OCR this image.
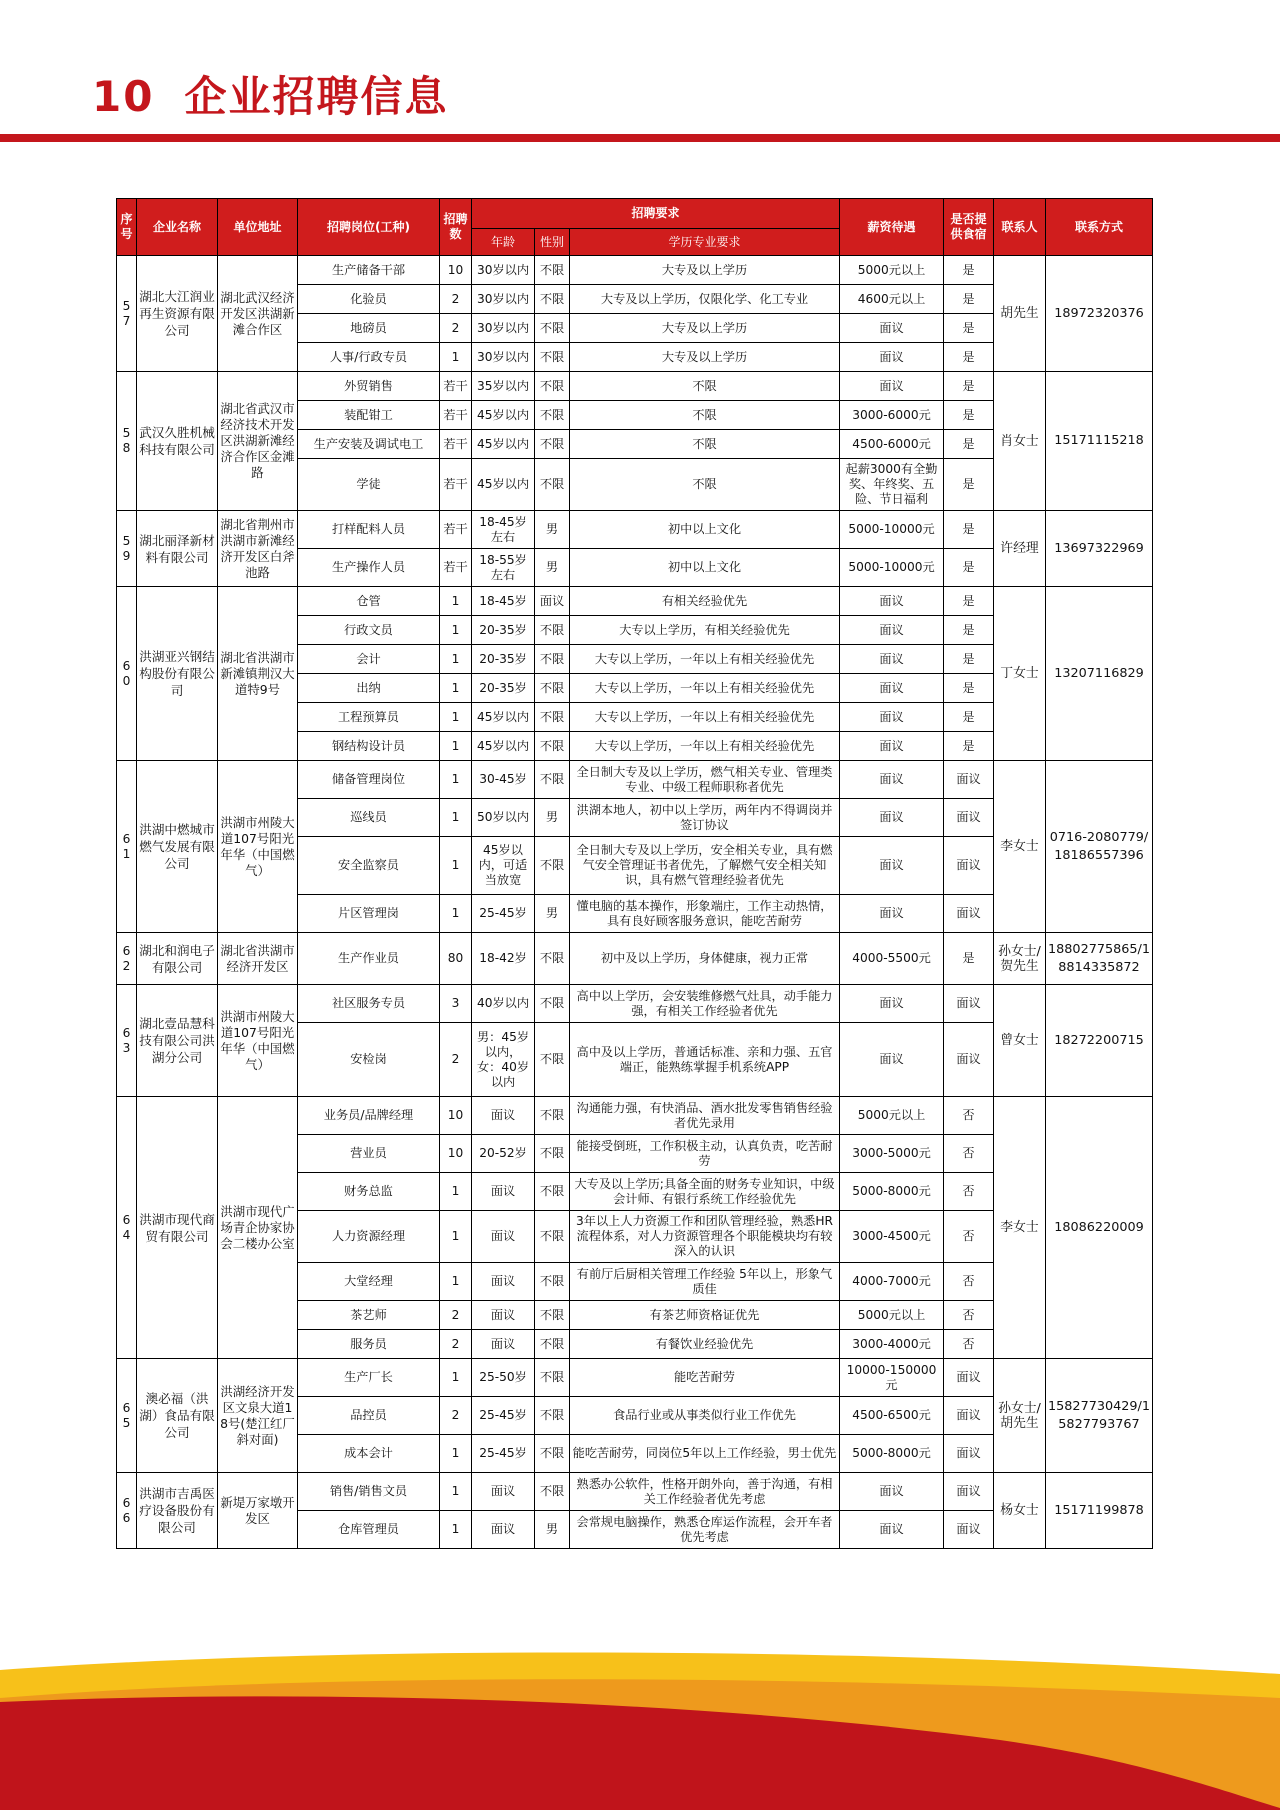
10 企业招聘信息
序号	企业名称	单位地址	招聘岗位(工种)	招聘数	招聘要求			薪资待遇	是否提供食宿	联系人	联系方式
					年龄	性别	学历专业要求				
57	湖北大江润业再生资源有限公司	湖北武汉经济开发区洪湖新滩合作区	生产储备干部	10	30岁以内	不限	大专及以上学历	5000元以上	是	胡先生	18972320376
			化验员	2	30岁以内	不限	大专及以上学历，仅限化学、化工专业	4600元以上	是		
			地磅员	2	30岁以内	不限	大专及以上学历	面议	是		
			人事/行政专员	1	30岁以内	不限	大专及以上学历	面议	是		
58	武汉久胜机械科技有限公司	湖北省武汉市经济技术开发区洪湖新滩经济合作区金滩路	外贸销售	若干	35岁以内	不限	不限	面议	是	肖女士	15171115218
			装配钳工	若干	45岁以内	不限	不限	3000-6000元	是		
			生产安装及调试电工	若干	45岁以内	不限	不限	4500-6000元	是		
			学徒	若干	45岁以内	不限	不限	起薪3000有全勤奖、年终奖、五险、节日福利	是		
59	湖北丽泽新材料有限公司	湖北省荆州市洪湖市新滩经济开发区白斧池路	打样配料人员	若干	18-45岁左右	男	初中以上文化	5000-10000元	是	许经理	13697322969
			生产操作人员	若干	18-55岁左右	男	初中以上文化	5000-10000元	是		
60	洪湖亚兴钢结构股份有限公司	湖北省洪湖市新滩镇荆汉大道特9号	仓管	1	18-45岁	面议	有相关经验优先	面议	是	丁女士	13207116829
			行政文员	1	20-35岁	不限	大专以上学历，有相关经验优先	面议	是		
			会计	1	20-35岁	不限	大专以上学历，一年以上有相关经验优先	面议	是		
			出纳	1	20-35岁	不限	大专以上学历，一年以上有相关经验优先	面议	是		
			工程预算员	1	45岁以内	不限	大专以上学历，一年以上有相关经验优先	面议	是		
			钢结构设计员	1	45岁以内	不限	大专以上学历，一年以上有相关经验优先	面议	是		
61	洪湖中燃城市燃气发展有限公司	洪湖市州陵大道107号阳光年华（中国燃气）	储备管理岗位	1	30-45岁	不限	全日制大专及以上学历，燃气相关专业、管理类专业、中级工程师职称者优先	面议	面议	李女士	0716-2080779/18186557396
			巡线员	1	50岁以内	男	洪湖本地人，初中以上学历，两年内不得调岗并签订协议	面议	面议		
			安全监察员	1	45岁以内，可适当放宽	不限	全日制大专及以上学历，安全相关专业，具有燃气安全管理证书者优先，了解燃气安全相关知识，具有燃气管理经验者优先	面议	面议		
			片区管理岗	1	25-45岁	男	懂电脑的基本操作，形象端庄，工作主动热情，具有良好顾客服务意识，能吃苦耐劳	面议	面议		
62	湖北和润电子有限公司	湖北省洪湖市经济开发区	生产作业员	80	18-42岁	不限	初中及以上学历，身体健康，视力正常	4000-5500元	是	孙女士/贺先生	18802775865/18814335872
63	湖北壹品慧科技有限公司洪湖分公司	洪湖市州陵大道107号阳光年华（中国燃气）	社区服务专员	3	40岁以内	不限	高中以上学历，会安装维修燃气灶具，动手能力强，有相关工作经验者优先	面议	面议	曾女士	18272200715
			安检岗	2	男：45岁以内，女：40岁以内	不限	高中及以上学历，普通话标准、亲和力强、五官端正，能熟练掌握手机系统APP	面议	面议		
64	洪湖市现代商贸有限公司	洪湖市现代广场青企协家协会二楼办公室	业务员/品牌经理	10	面议	不限	沟通能力强，有快消品、酒水批发零售销售经验者优先录用	5000元以上	否	李女士	18086220009
			营业员	10	20-52岁	不限	能接受倒班，工作积极主动，认真负责，吃苦耐劳	3000-5000元	否		
			财务总监	1	面议	不限	大专及以上学历;具备全面的财务专业知识，中级会计师、有银行系统工作经验优先	5000-8000元	否		
			人力资源经理	1	面议	不限	3年以上人力资源工作和团队管理经验，熟悉HR流程体系，对人力资源管理各个职能模块均有较深入的认识	3000-4500元	否		
			大堂经理	1	面议	不限	有前厅后厨相关管理工作经验 5年以上，形象气质佳	4000-7000元	否		
			茶艺师	2	面议	不限	有茶艺师资格证优先	5000元以上	否		
			服务员	2	面议	不限	有餐饮业经验优先	3000-4000元	否		
65	澳必福（洪湖）食品有限公司	洪湖经济开发区文泉大道18号(楚江红厂斜对面)	生产厂长	1	25-50岁	不限	能吃苦耐劳	10000-150000元	面议	孙女士/胡先生	15827730429/15827793767
			品控员	2	25-45岁	不限	食品行业或从事类似行业工作优先	4500-6500元	面议		
			成本会计	1	25-45岁	不限	能吃苦耐劳，同岗位5年以上工作经验，男士优先	5000-8000元	面议		
66	洪湖市吉禹医疗设备股份有限公司	新堤万家墩开发区	销售/销售文员	1	面议	不限	熟悉办公软件，性格开朗外向，善于沟通，有相关工作经验者优先考虑	面议	面议	杨女士	15171199878
			仓库管理员	1	面议	男	会常规电脑操作，熟悉仓库运作流程，会开车者优先考虑	面议	面议		
